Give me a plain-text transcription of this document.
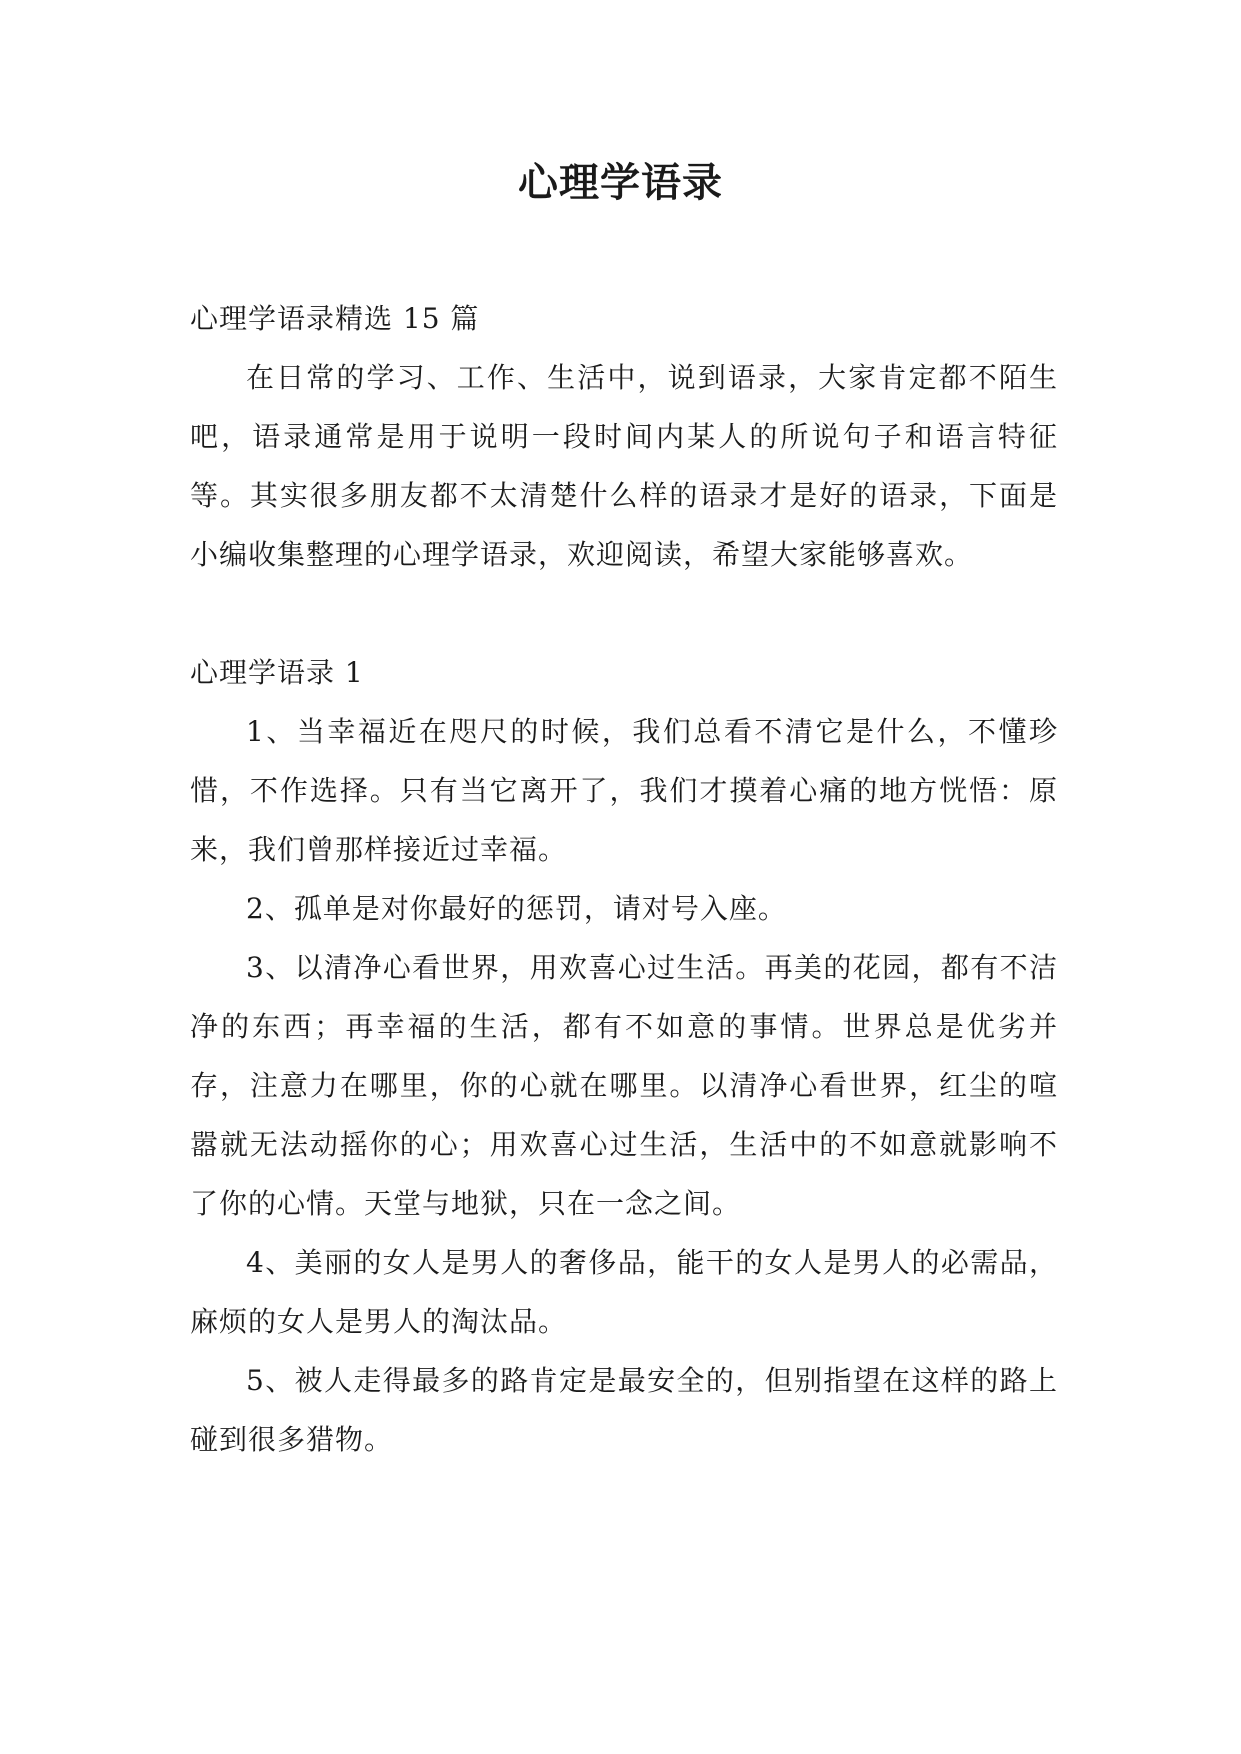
心理学语录

心理学语录精选 15 篇

在日常的学习、工作、生活中，说到语录，大家肯定都不陌生吧，语录通常是用于说明一段时间内某人的所说句子和语言特征等。其实很多朋友都不太清楚什么样的语录才是好的语录，下面是小编收集整理的心理学语录，欢迎阅读，希望大家能够喜欢。

心理学语录 1

1、当幸福近在咫尺的时候，我们总看不清它是什么，不懂珍惜，不作选择。只有当它离开了，我们才摸着心痛的地方恍悟：原来，我们曾那样接近过幸福。

2、孤单是对你最好的惩罚，请对号入座。

3、以清净心看世界，用欢喜心过生活。再美的花园，都有不洁净的东西；再幸福的生活，都有不如意的事情。世界总是优劣并存，注意力在哪里，你的心就在哪里。以清净心看世界，红尘的喧嚣就无法动摇你的心；用欢喜心过生活，生活中的不如意就影响不了你的心情。天堂与地狱，只在一念之间。

4、美丽的女人是男人的奢侈品，能干的女人是男人的必需品，麻烦的女人是男人的淘汰品。

5、被人走得最多的路肯定是最安全的，但别指望在这样的路上碰到很多猎物。
